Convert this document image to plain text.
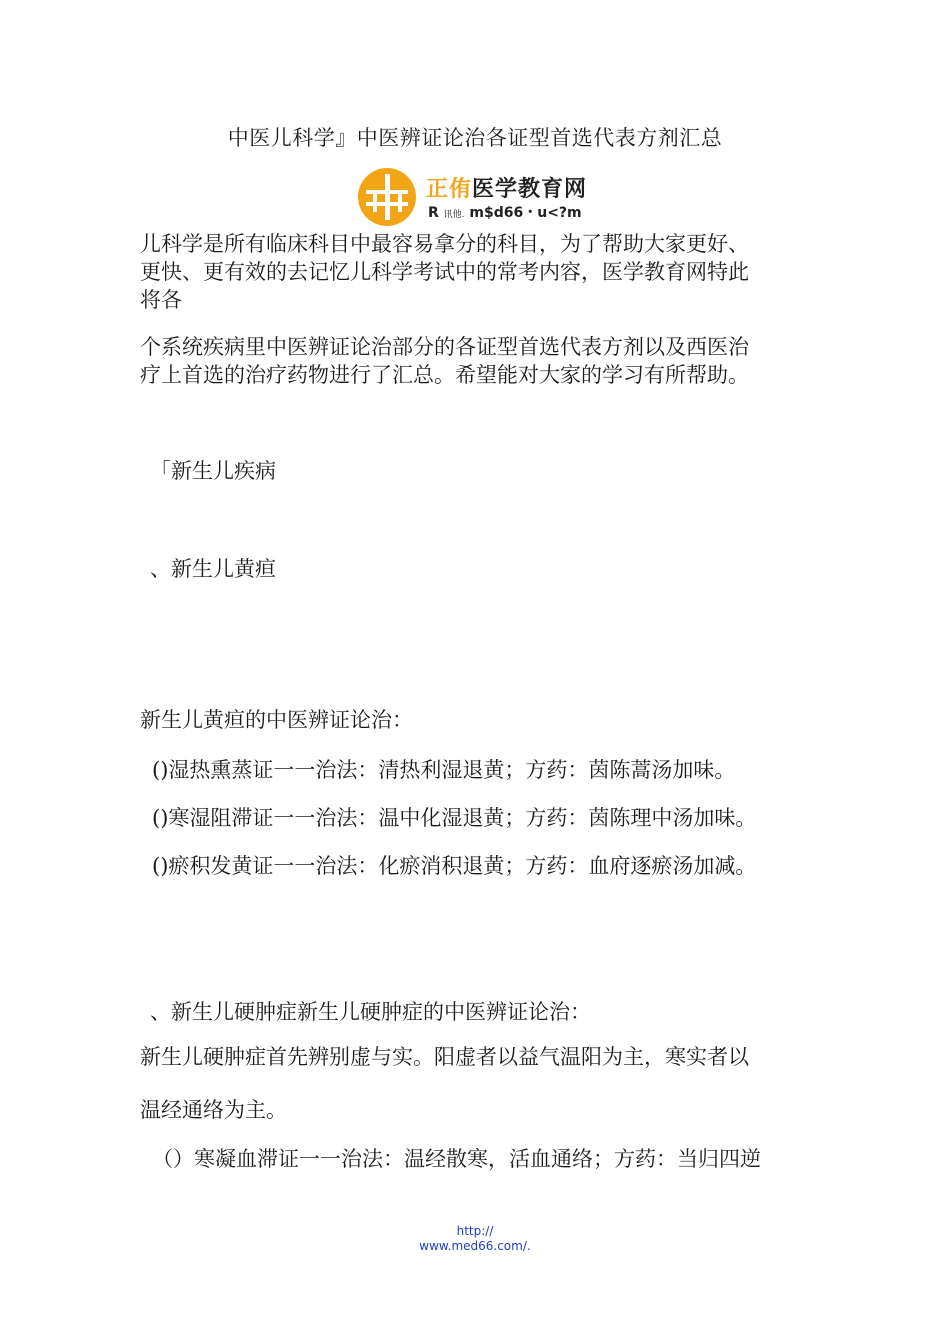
中医儿科学』中医辨证论治各证型首选代表方剂汇总
正侑医学教育网
R 讯他. m$d66・u<?m
儿科学是所有临床科目中最容易拿分的科目，为了帮助大家更好、
更快、更有效的去记忆儿科学考试中的常考内容，医学教育网特此
将各
个系统疾病里中医辨证论治部分的各证型首选代表方剂以及西医治
疗上首选的治疗药物进行了汇总。希望能对大家的学习有所帮助。
「新生儿疾病
、新生儿黄疸
新生儿黄疸的中医辨证论治：
()湿热熏蒸证一一治法：清热利湿退黄；方药：茵陈蒿汤加味。
()寒湿阻滞证一一治法：温中化湿退黄；方药：茵陈理中汤加味。
()瘀积发黄证一一治法：化瘀消积退黄；方药：血府逐瘀汤加减。
、新生儿硬肿症新生儿硬肿症的中医辨证论治：
新生儿硬肿症首先辨别虚与实。阳虚者以益气温阳为主，寒实者以
温经通络为主。
（）寒凝血滞证一一治法：温经散寒，活血通络；方药：当归四逆
http://
www.med66.com/.
